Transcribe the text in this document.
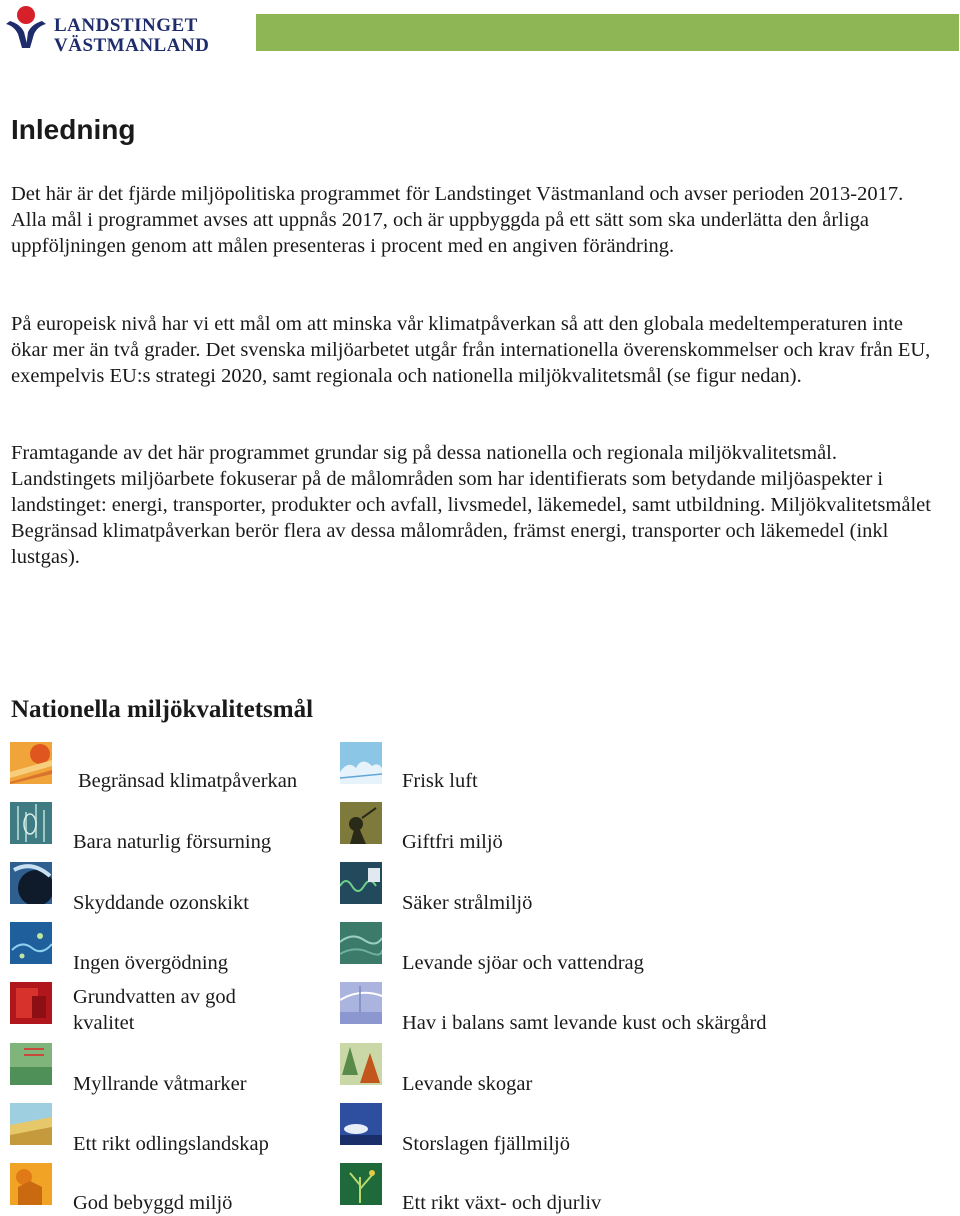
LANDSTINGET
VÄSTMANLAND
Inledning

Det här är det fjärde miljöpolitiska programmet för Landstinget Västmanland och avser perioden 2013-2017. Alla mål i programmet avses att uppnås 2017, och är uppbyggda på ett sätt som ska underlätta den årliga uppföljningen genom att målen presenteras i procent med en angiven förändring.

På europeisk nivå har vi ett mål om att minska vår klimatpåverkan så att den globala medeltemperaturen inte ökar mer än två grader. Det svenska miljöarbetet utgår från internationella överenskommelser och krav från EU, exempelvis EU:s strategi 2020, samt regionala och nationella miljökvalitetsmål (se figur nedan).

Framtagande av det här programmet grundar sig på dessa nationella och regionala miljökvalitetsmål. Landstingets miljöarbete fokuserar på de målområden som har identifierats som betydande miljöaspekter i landstinget: energi, transporter, produkter och avfall, livsmedel, läkemedel, samt utbildning. Miljökvalitetsmålet Begränsad klimatpåverkan berör flera av dessa målområden, främst energi, transporter och läkemedel (inkl lustgas).

Nationella miljökvalitetsmål
Begränsad klimatpåverkan
Bara naturlig försurning
Skyddande ozonskikt
Ingen övergödning
Grundvatten av god kvalitet
Myllrande våtmarker
Ett rikt odlingslandskap
God bebyggd miljö
Frisk luft
Giftfri miljö
Säker strålmiljö
Levande sjöar och vattendrag
Hav i balans samt levande kust och skärgård
Levande skogar
Storslagen fjällmiljö
Ett rikt växt- och djurliv
